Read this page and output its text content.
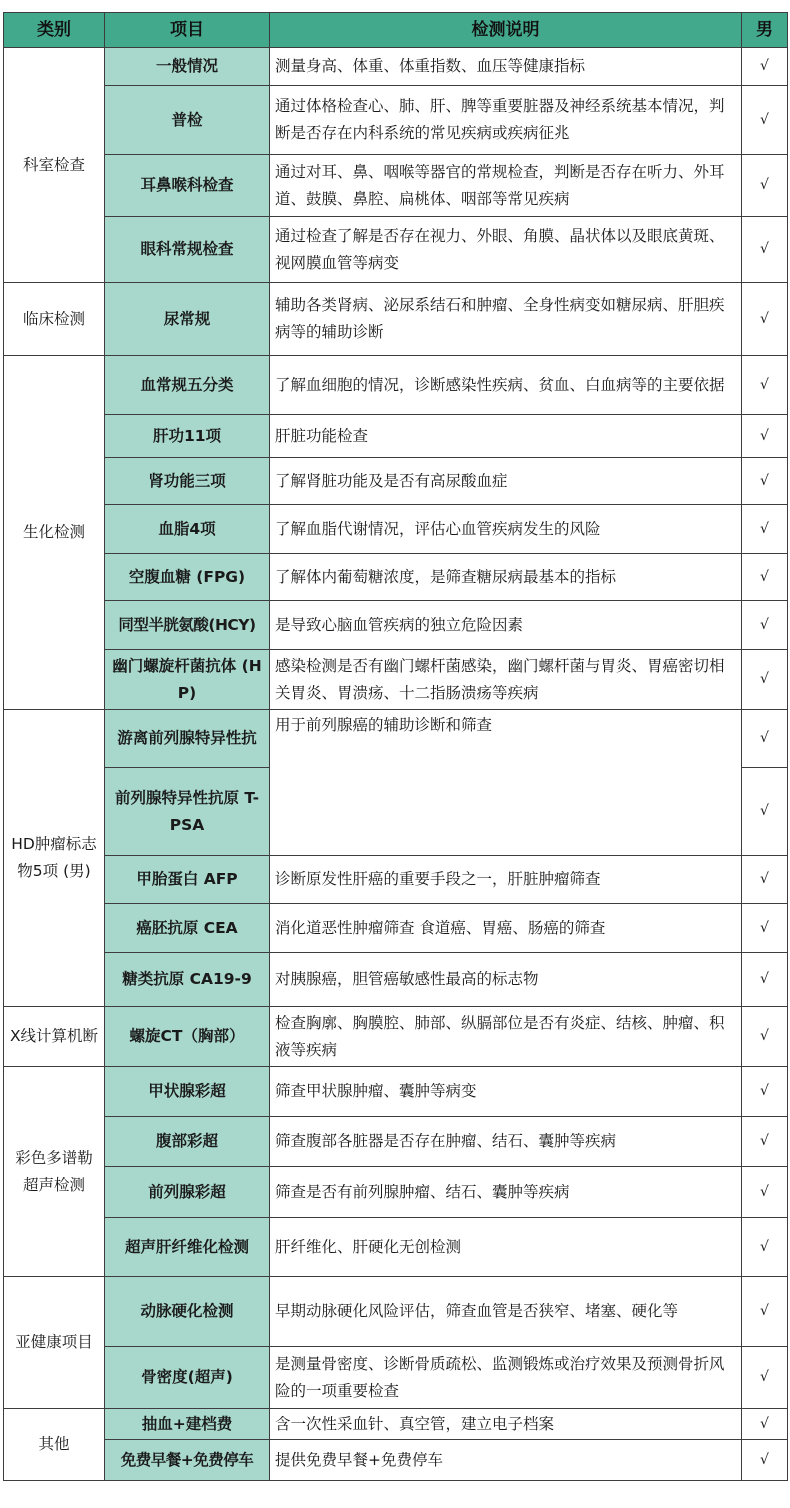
类别	项目	检测说明	男
科室检查	一般情况	测量身高、体重、体重指数、血压等健康指标	√
	普检	通过体格检查心、肺、肝、脾等重要脏器及神经系统基本情况，判断是否存在内科系统的常见疾病或疾病征兆	√
	耳鼻喉科检查	通过对耳、鼻、咽喉等器官的常规检查，判断是否存在听力、外耳道、鼓膜、鼻腔、扁桃体、咽部等常见疾病	√
	眼科常规检查	通过检查了解是否存在视力、外眼、角膜、晶状体以及眼底黄斑、视网膜血管等病变	√
临床检测	尿常规	辅助各类肾病、泌尿系结石和肿瘤、全身性病变如糖尿病、肝胆疾病等的辅助诊断	√
生化检测	血常规五分类	了解血细胞的情况，诊断感染性疾病、贫血、白血病等的主要依据	√
	肝功11项	肝脏功能检查	√
	肾功能三项	了解肾脏功能及是否有高尿酸血症	√
	血脂4项	了解血脂代谢情况，评估心血管疾病发生的风险	√
	空腹血糖 (FPG)	了解体内葡萄糖浓度，是筛查糖尿病最基本的指标	√
	同型半胱氨酸(HCY)	是导致心脑血管疾病的独立危险因素	√
	幽门螺旋杆菌抗体 (HP)	感染检测是否有幽门螺杆菌感染，幽门螺杆菌与胃炎、胃癌密切相关胃炎、胃溃疡、十二指肠溃疡等疾病	√
HD肿瘤标志物5项 (男)	游离前列腺特异性抗	用于前列腺癌的辅助诊断和筛查	√
	前列腺特异性抗原 T- PSA		√
	甲胎蛋白 AFP	诊断原发性肝癌的重要手段之一，肝脏肿瘤筛查	√
	癌胚抗原 CEA	消化道恶性肿瘤筛查 食道癌、胃癌、肠癌的筛查	√
	糖类抗原 CA19-9	对胰腺癌，胆管癌敏感性最高的标志物	√
X线计算机断	螺旋CT（胸部）	检查胸廓、胸膜腔、肺部、纵膈部位是否有炎症、结核、肿瘤、积液等疾病	√
彩色多谱勒超声检测	甲状腺彩超	筛查甲状腺肿瘤、囊肿等病变	√
	腹部彩超	筛查腹部各脏器是否存在肿瘤、结石、囊肿等疾病	√
	前列腺彩超	筛查是否有前列腺肿瘤、结石、囊肿等疾病	√
	超声肝纤维化检测	肝纤维化、肝硬化无创检测	√
亚健康项目	动脉硬化检测	早期动脉硬化风险评估，筛查血管是否狭窄、堵塞、硬化等	√
	骨密度(超声)	是测量骨密度、诊断骨质疏松、监测锻炼或治疗效果及预测骨折风险的一项重要检查	√
其他	抽血+建档费	含一次性采血针、真空管，建立电子档案	√
	免费早餐+免费停车	提供免费早餐+免费停车	√
